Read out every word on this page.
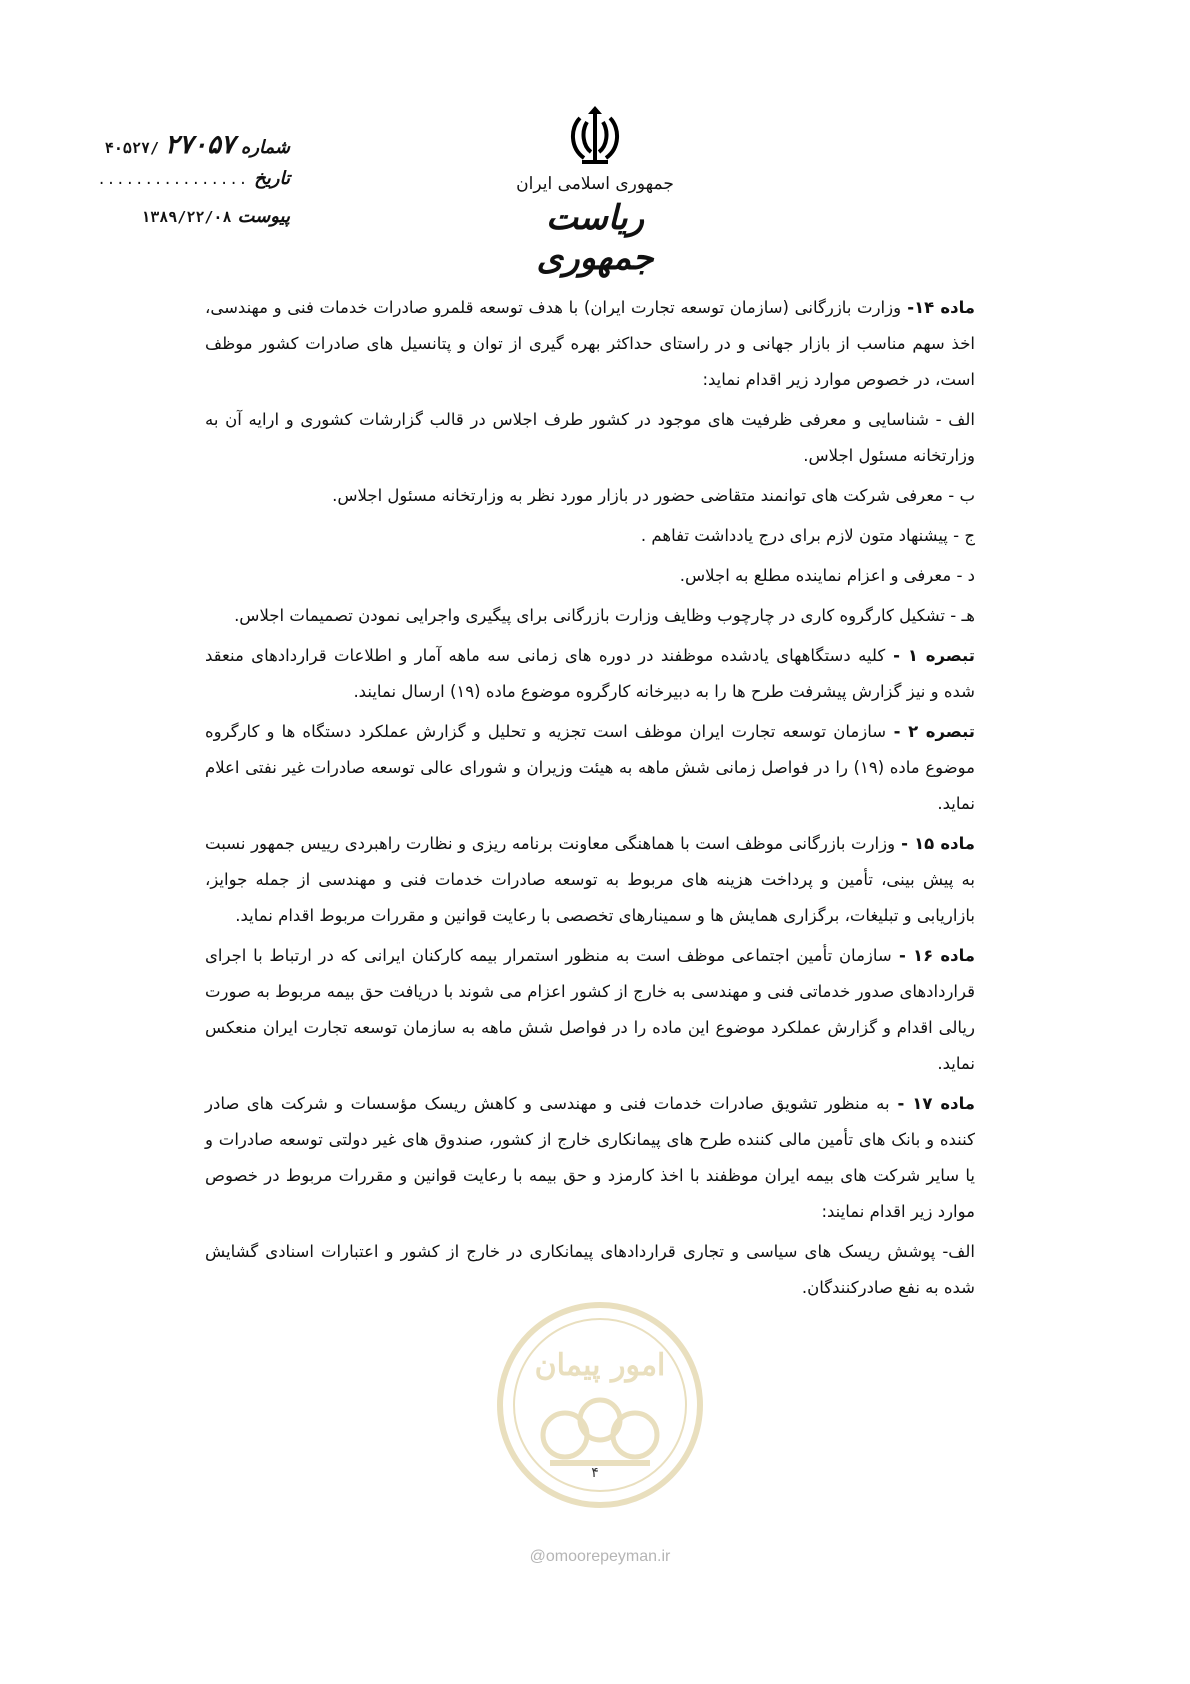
جمهوری اسلامی ایران
ریاست جمهوری
شماره
۲۷۰۵۷
۴۰۵۲۷/
تاریخ
................
پیوست
۱۳۸۹/۲۲/۰۸

ماده ۱۴- وزارت بازرگانی (سازمان توسعه تجارت ایران) با هدف توسعه قلمرو صادرات خدمات فنی و مهندسی، اخذ سهم مناسب از بازار جهانی و در راستای حداکثر بهره گیری از توان و پتانسیل های صادرات کشور موظف است، در خصوص موارد زیر اقدام نماید:

الف - شناسایی و معرفی ظرفیت های موجود در کشور طرف اجلاس در قالب گزارشات کشوری و ارایه آن به وزارتخانه مسئول اجلاس.

ب - معرفی شرکت های توانمند متقاضی حضور در بازار مورد نظر به وزارتخانه مسئول اجلاس.

ج - پیشنهاد متون لازم برای درج یادداشت تفاهم .

د - معرفی و اعزام نماینده مطلع به اجلاس.

هـ - تشکیل کارگروه کاری در چارچوب وظایف وزارت بازرگانی برای پیگیری واجرایی نمودن تصمیمات اجلاس.

تبصره ۱ - کلیه دستگاههای یادشده موظفند در دوره های زمانی سه ماهه آمار و اطلاعات قراردادهای منعقد شده و نیز گزارش پیشرفت طرح ها را به دبیرخانه کارگروه موضوع ماده (۱۹) ارسال نمایند.

تبصره ۲ - سازمان توسعه تجارت ایران موظف است تجزیه و تحلیل و گزارش عملکرد دستگاه ها و کارگروه موضوع ماده (۱۹) را در فواصل زمانی شش ماهه به هیئت وزیران و شورای عالی توسعه صادرات غیر نفتی اعلام نماید.

ماده ۱۵ - وزارت بازرگانی موظف است با هماهنگی معاونت برنامه ریزی و نظارت راهبردی رییس جمهور نسبت به پیش بینی، تأمین و پرداخت هزینه های مربوط به توسعه صادرات خدمات فنی و مهندسی از جمله جوایز، بازاریابی و تبلیغات، برگزاری همایش ها و سمینارهای تخصصی با رعایت قوانین و مقررات مربوط اقدام نماید.

ماده ۱۶ - سازمان تأمین اجتماعی موظف است به منظور استمرار بیمه کارکنان ایرانی که در ارتباط با اجرای قراردادهای صدور خدماتی فنی و مهندسی به خارج از کشور اعزام می شوند با دریافت حق بیمه مربوط به صورت ریالی اقدام و گزارش عملکرد موضوع این ماده را در فواصل شش ماهه به سازمان توسعه تجارت ایران منعکس نماید.

ماده ۱۷ - به منظور تشویق صادرات خدمات فنی و مهندسی و کاهش ریسک مؤسسات و شرکت های صادر کننده و بانک های تأمین مالی کننده طرح های پیمانکاری خارج از کشور، صندوق های غیر دولتی توسعه صادرات و یا سایر شرکت های بیمه ایران موظفند با اخذ کارمزد و حق بیمه با رعایت قوانین و مقررات مربوط در خصوص موارد زیر اقدام نمایند:

الف- پوشش ریسک های سیاسی و تجاری قراردادهای پیمانکاری در خارج از کشور و اعتبارات اسنادی گشایش شده به نفع صادرکنندگان.

امور پیمان
۴
@omoorepeyman.ir
